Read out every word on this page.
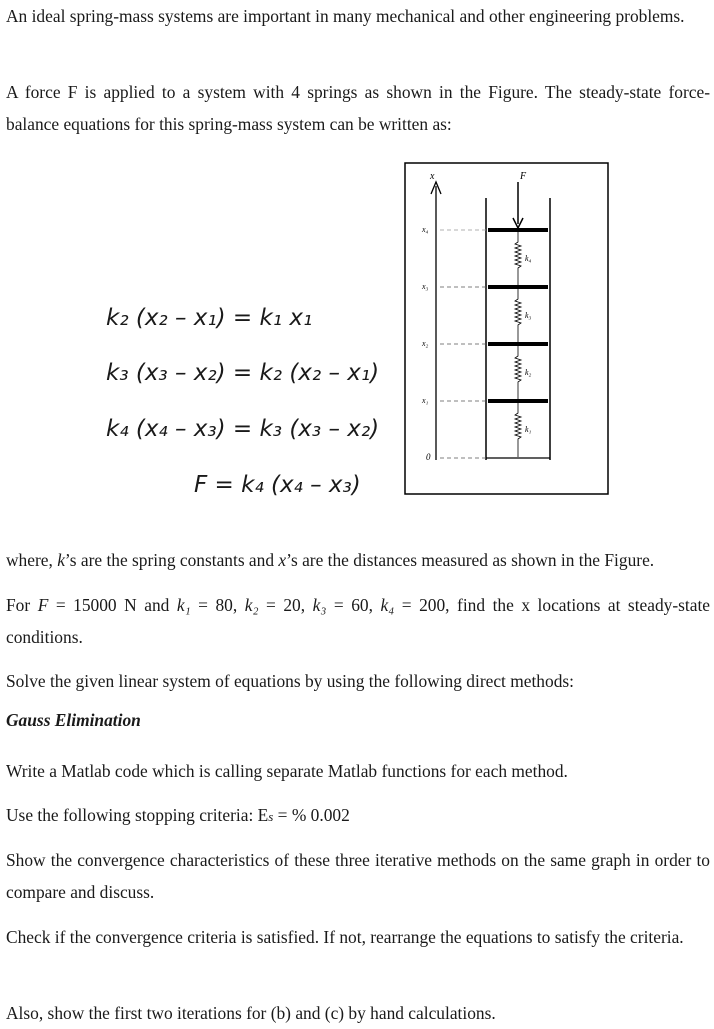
An ideal spring-mass systems are important in many mechanical and other engineering problems.

A force F is applied to a system with 4 springs as shown in the Figure. The steady-state force-balance equations for this spring-mass system can be written as:

k₂ (x₂ – x₁) = k₁ x₁
k₃ (x₃ – x₂) = k₂ (x₂ – x₁)
k₄ (x₄ – x₃) = k₃ (x₃ – x₂)
F = k₄ (x₄ – x₃)
x	F
x₄
x₃
x₂
x₁
0
k₄
k₃
k₂
k₁

where, k’s are the spring constants and x’s are the distances measured as shown in the Figure.

For F = 15000 N and k₁ = 80, k₂ = 20, k₃ = 60, k₄ = 200, find the x locations at steady-state conditions.

Solve the given linear system of equations by using the following direct methods:

Gauss Elimination

Write a Matlab code which is calling separate Matlab functions for each method.

Use the following stopping criteria: Es = % 0.002

Show the convergence characteristics of these three iterative methods on the same graph in order to compare and discuss.

Check if the convergence criteria is satisfied. If not, rearrange the equations to satisfy the criteria.

Also, show the first two iterations for (b) and (c) by hand calculations.
